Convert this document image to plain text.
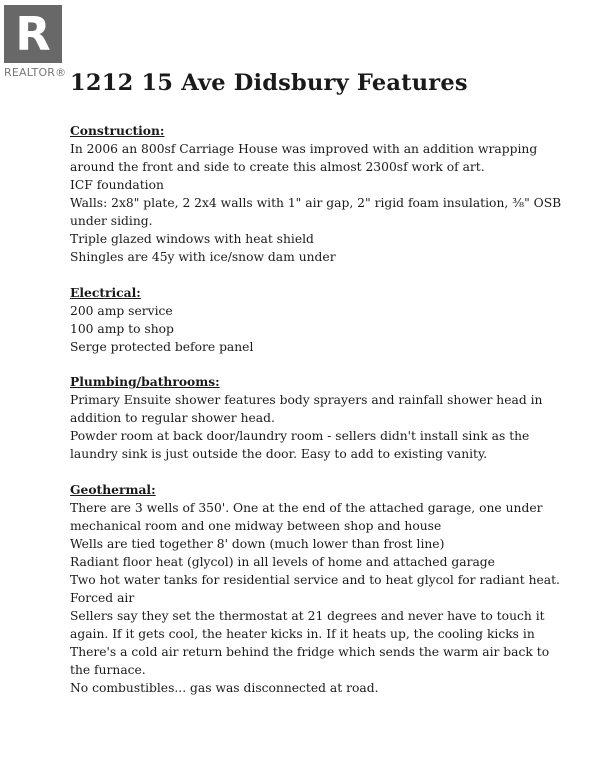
R
REALTOR® 1212 15 Ave Didsbury Features

Construction:

In 2006 an 800sf Carriage House was improved with an addition wrapping

around the front and side to create this almost 2300sf work of art.

ICF foundation

Walls: 2x8" plate, 2 2x4 walls with 1" air gap, 2" rigid foam insulation, ⅜" OSB

under siding.

Triple glazed windows with heat shield

Shingles are 45y with ice/snow dam under

Electrical:

200 amp service

100 amp to shop

Serge protected before panel

Plumbing/bathrooms:

Primary Ensuite shower features body sprayers and rainfall shower head in

addition to regular shower head.

Powder room at back door/laundry room - sellers didn't install sink as the

laundry sink is just outside the door. Easy to add to existing vanity.

Geothermal:

There are 3 wells of 350'. One at the end of the attached garage, one under

mechanical room and one midway between shop and house

Wells are tied together 8' down (much lower than frost line)

Radiant floor heat (glycol) in all levels of home and attached garage

Two hot water tanks for residential service and to heat glycol for radiant heat.

Forced air

Sellers say they set the thermostat at 21 degrees and never have to touch it

again. If it gets cool, the heater kicks in. If it heats up, the cooling kicks in

There's a cold air return behind the fridge which sends the warm air back to

the furnace.

No combustibles... gas was disconnected at road.
